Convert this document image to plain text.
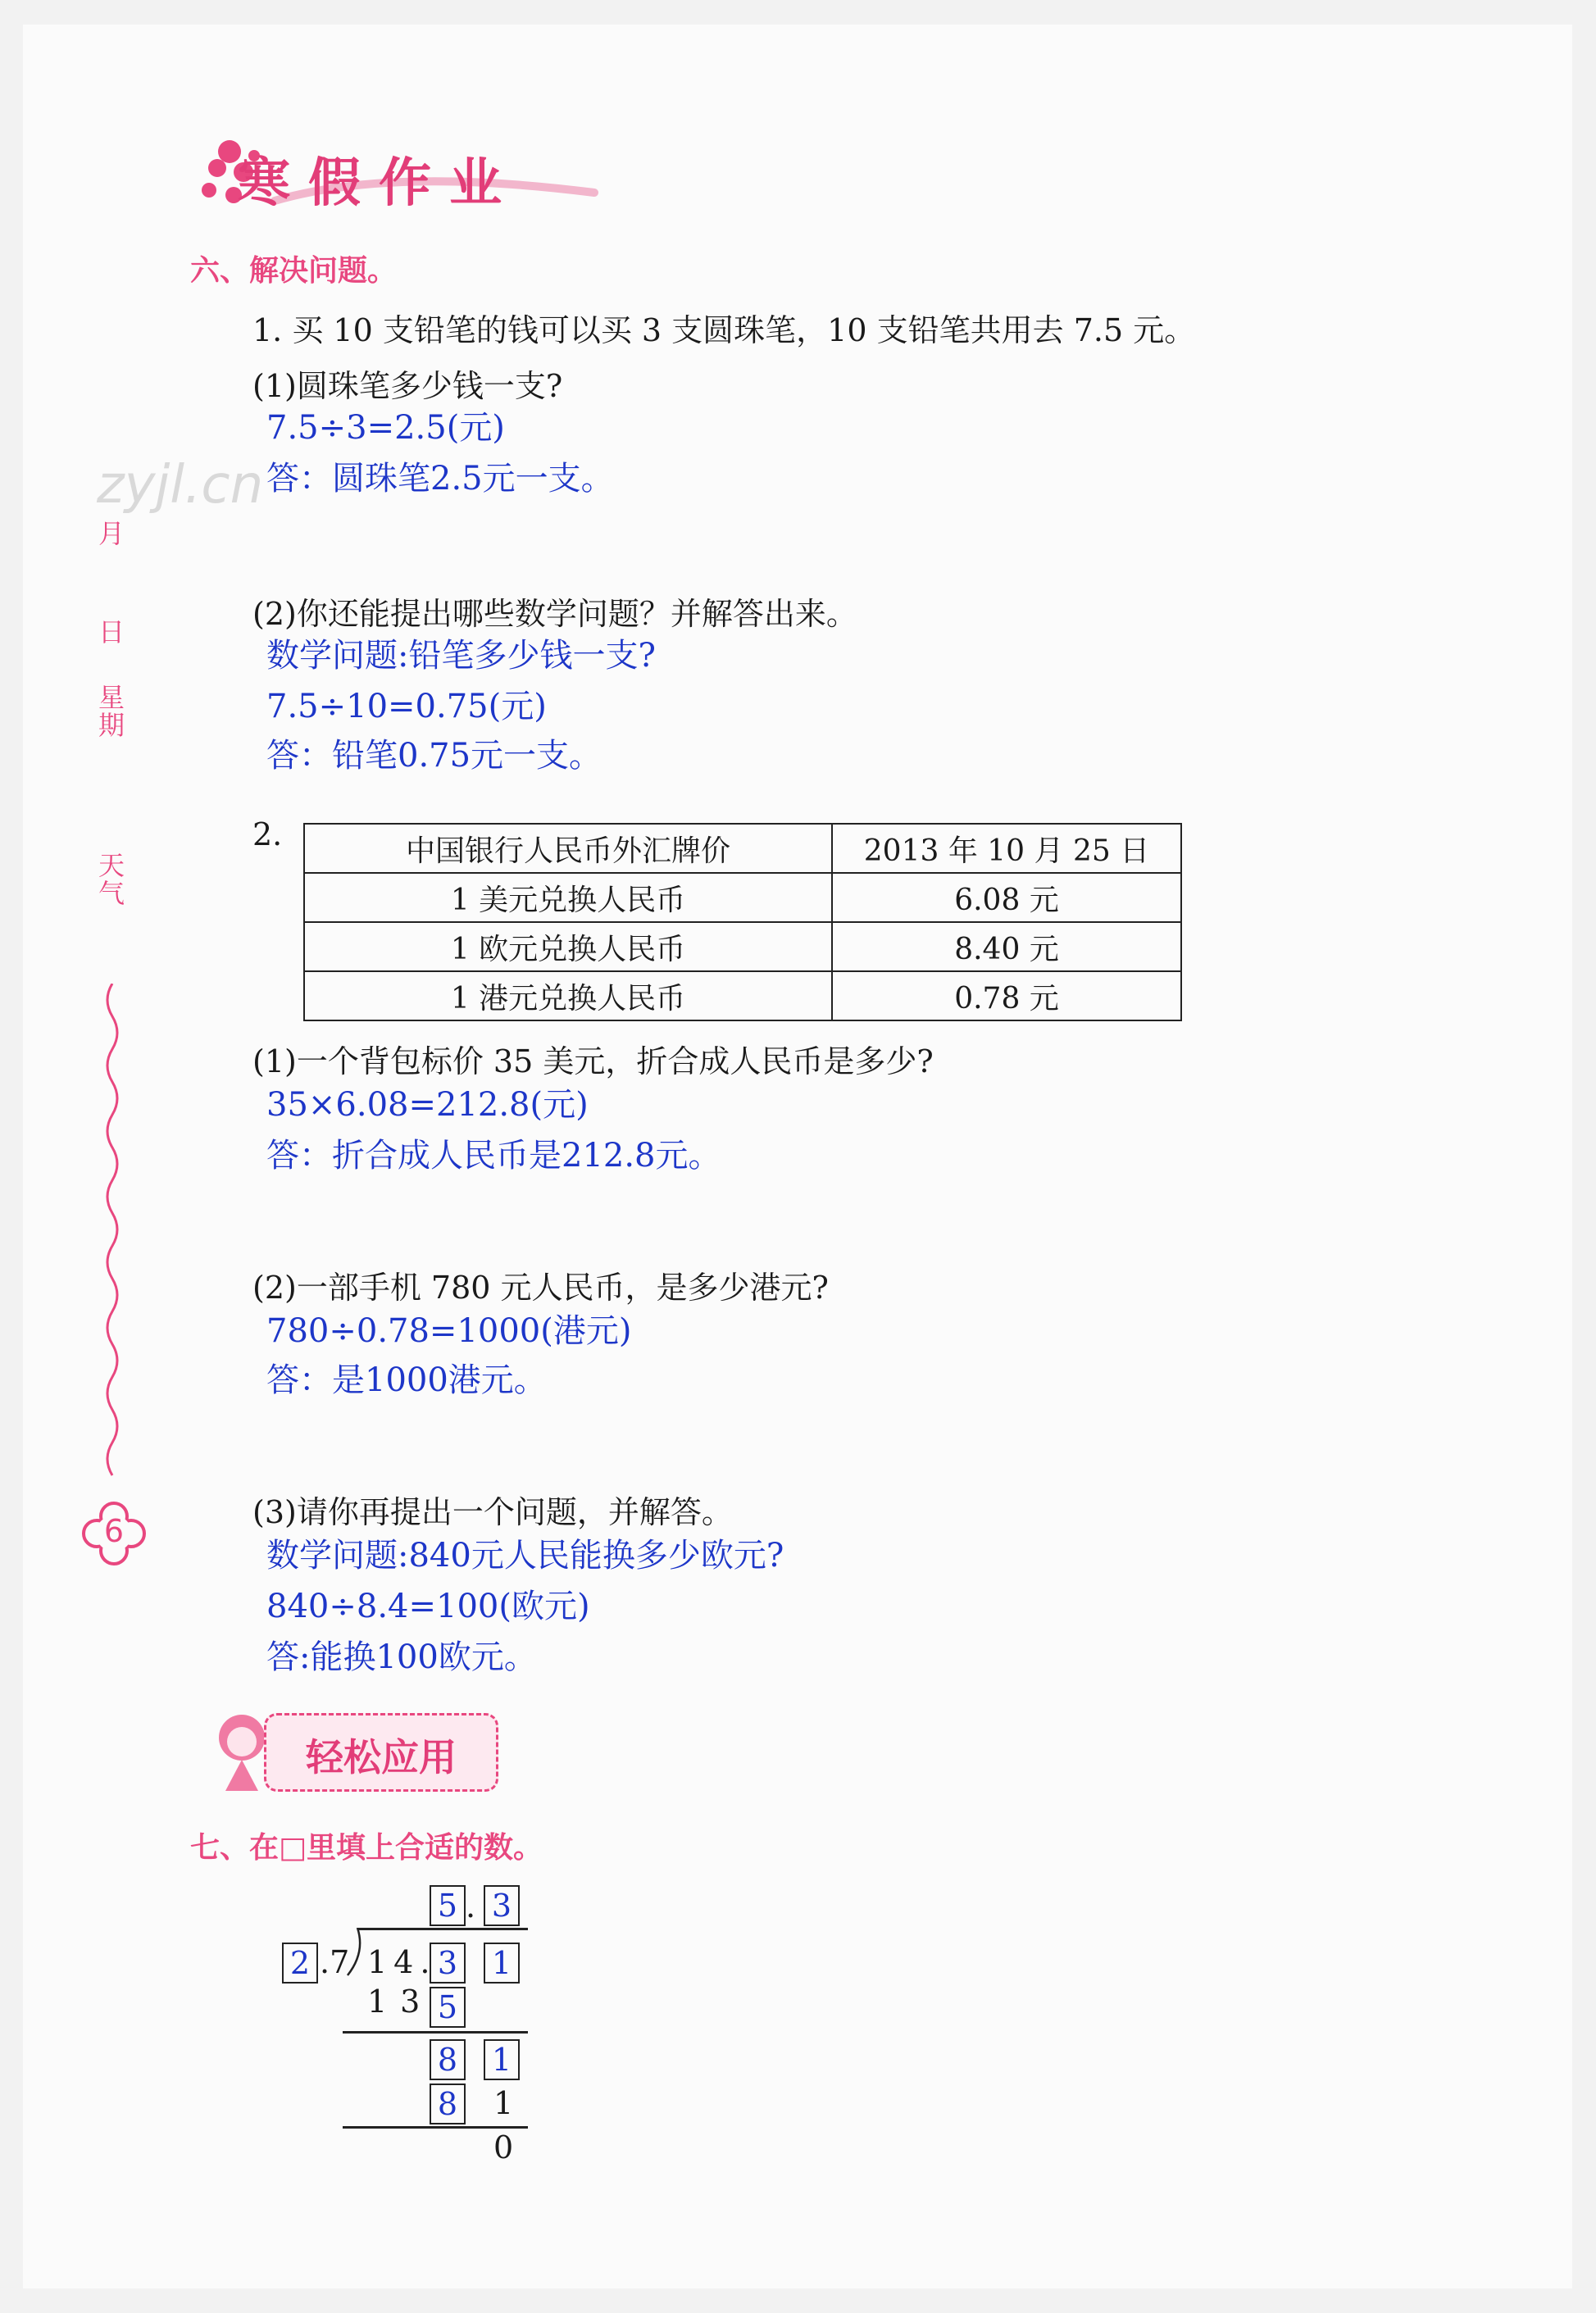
寒假作业
zyjl.cn
月
日
星期
天气
6
六、解决问题。
1. 买 10 支铅笔的钱可以买 3 支圆珠笔，10 支铅笔共用去 7.5 元。
(1)圆珠笔多少钱一支?
7.5÷3=2.5(元)
答：圆珠笔2.5元一支。
(2)你还能提出哪些数学问题？并解答出来。
数学问题:铅笔多少钱一支?
7.5÷10=0.75(元)
答：铅笔0.75元一支。
2.	中国银行人民币外汇牌价	2013 年 10 月 25 日
1 美元兑换人民币	6.08 元
1 欧元兑换人民币	8.40 元
1 港元兑换人民币	0.78 元
(1)一个背包标价 35 美元，折合成人民币是多少?
35×6.08=212.8(元)
答：折合成人民币是212.8元。
(2)一部手机 780 元人民币，是多少港元?
780÷0.78=1000(港元)
答：是1000港元。
(3)请你再提出一个问题，并解答。
数学问题:840元人民能换多少欧元?
840÷8.4=100(欧元)
答:能换100欧元。
轻松应用
七、在□里填上合适的数。
5 . 3
2 .7 14. 3 1
13 5
8 1
8 1
0
